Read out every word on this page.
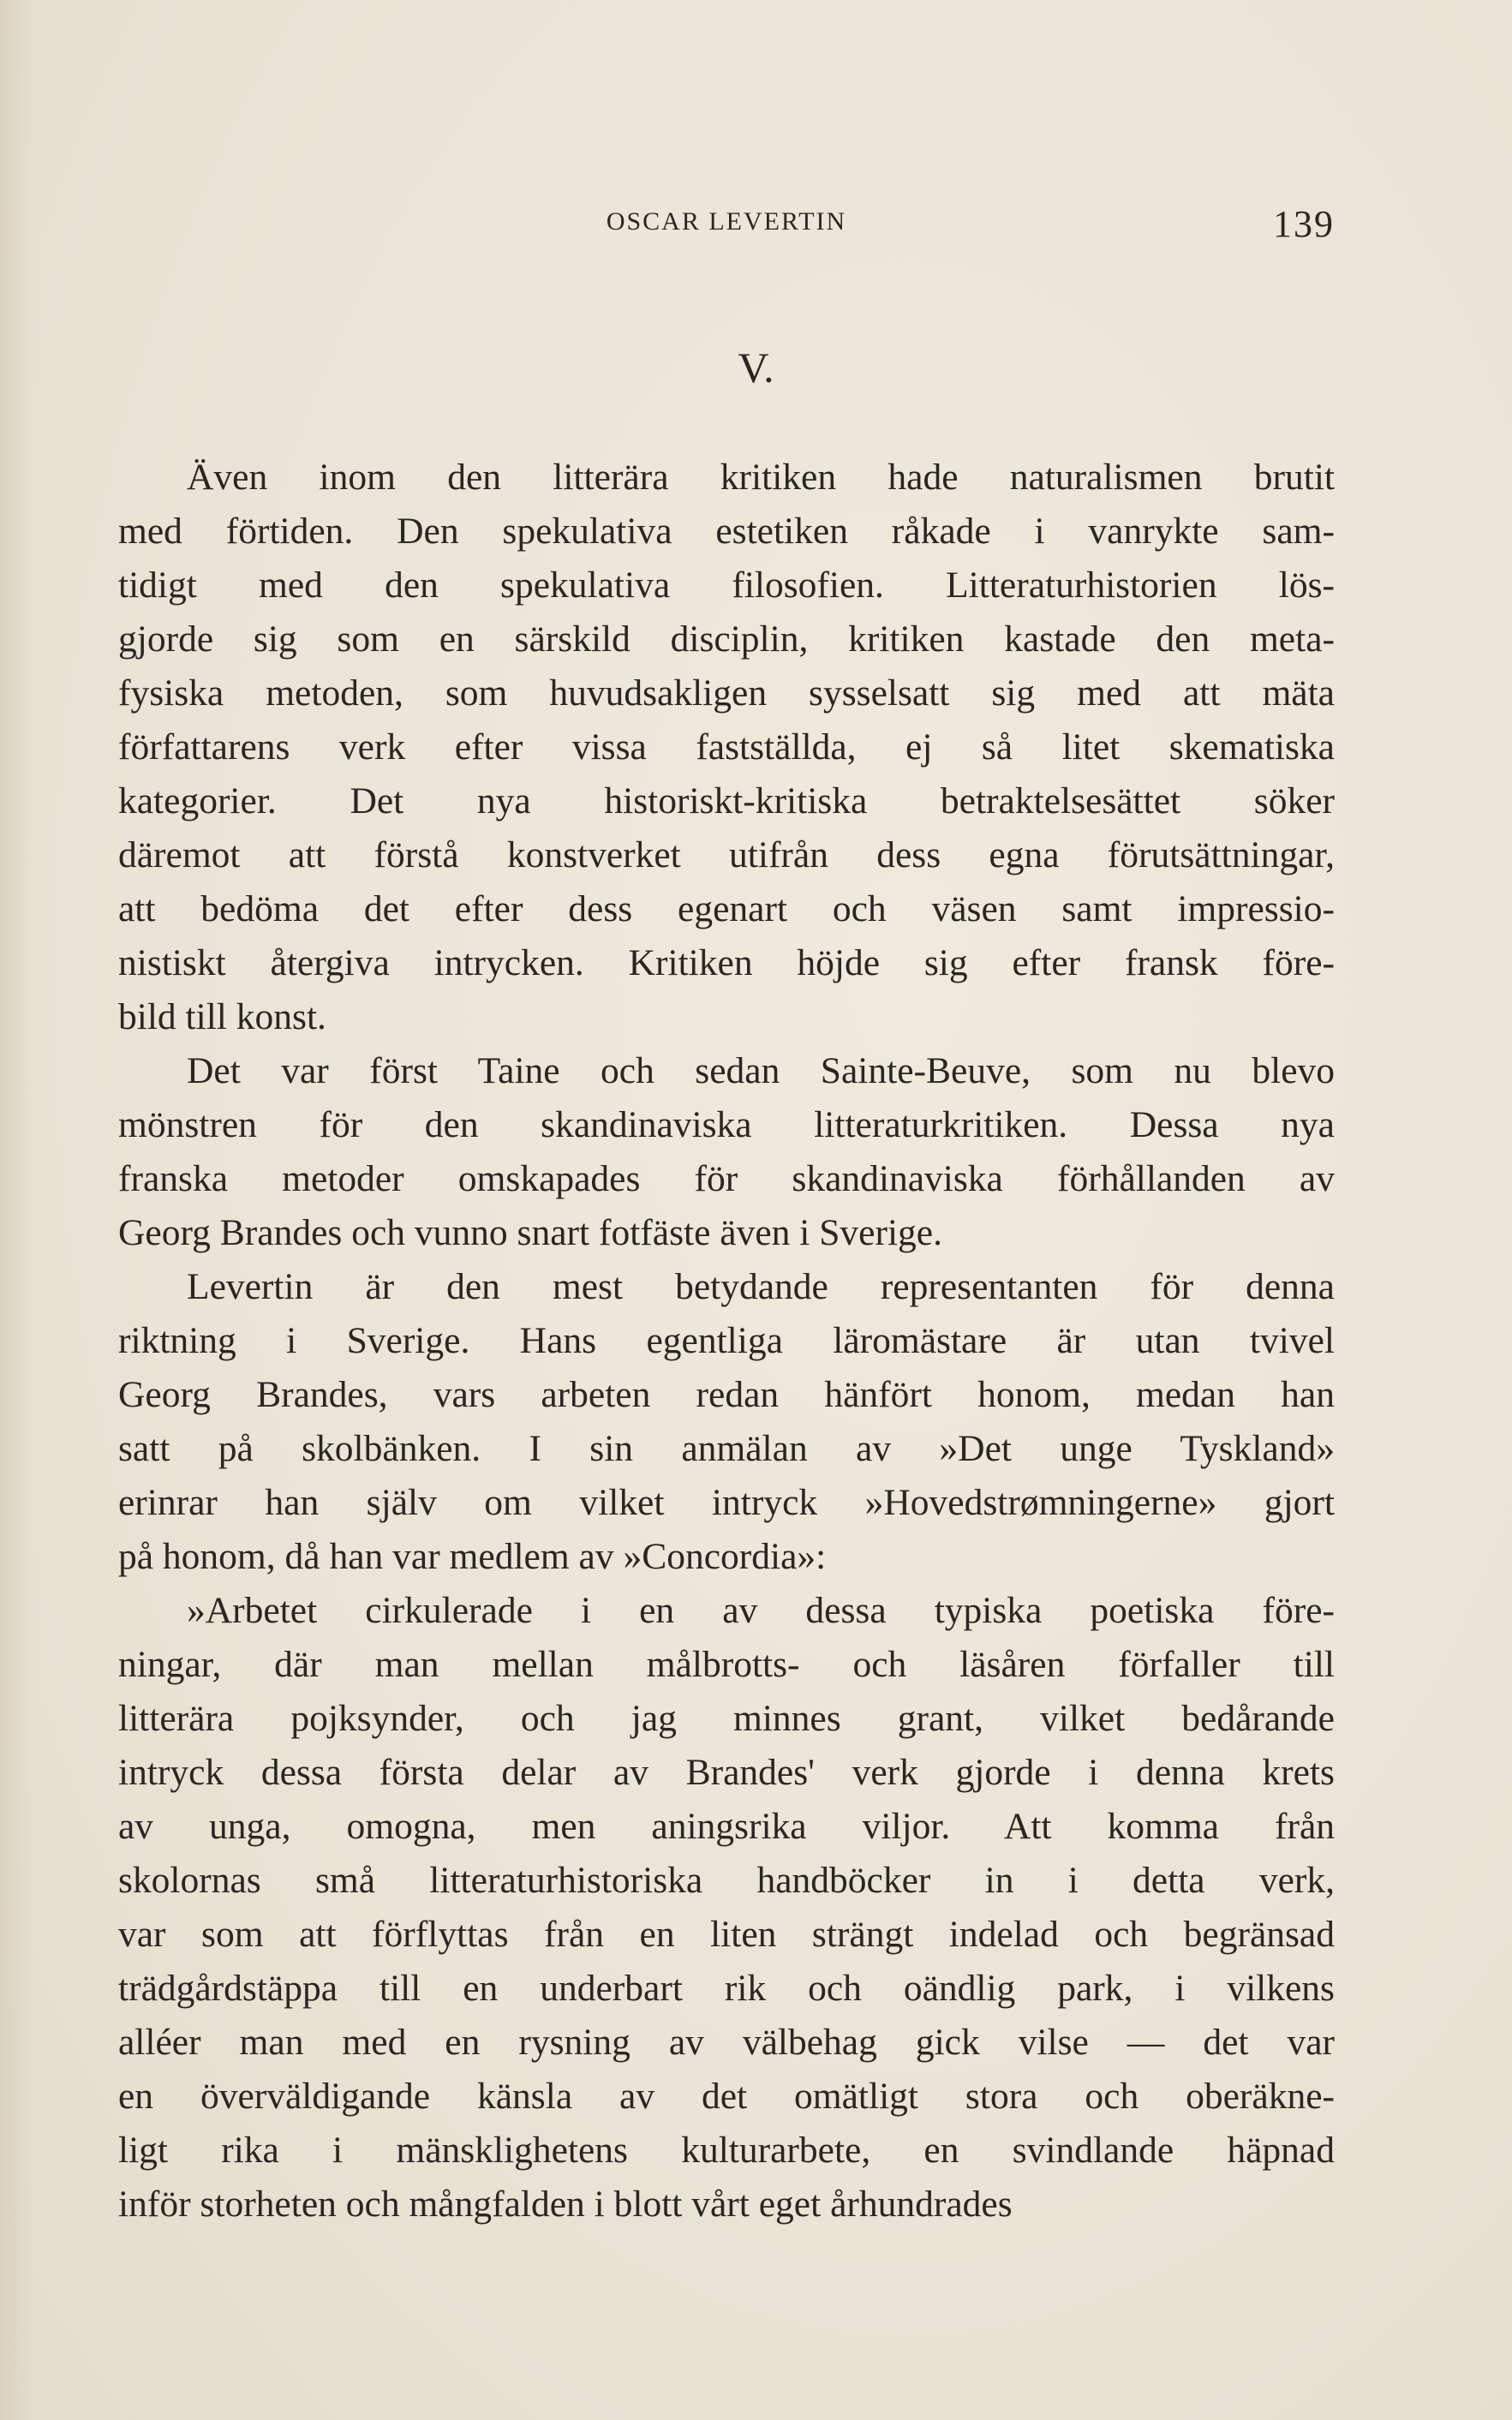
OSCAR LEVERTIN	139
V.
Även inom den litterära kritiken hade naturalismen brutit
med förtiden. Den spekulativa estetiken råkade i vanrykte sam-
tidigt med den spekulativa filosofien. Litteraturhistorien lös-
gjorde sig som en särskild disciplin, kritiken kastade den meta-
fysiska metoden, som huvudsakligen sysselsatt sig med att mäta
författarens verk efter vissa fastställda, ej så litet skematiska
kategorier. Det nya historiskt-kritiska betraktelsesättet söker
däremot att förstå konstverket utifrån dess egna förutsättningar,
att bedöma det efter dess egenart och väsen samt impressio-
nistiskt återgiva intrycken. Kritiken höjde sig efter fransk före-
bild till konst.
Det var först Taine och sedan Sainte-Beuve, som nu blevo
mönstren för den skandinaviska litteraturkritiken. Dessa nya
franska metoder omskapades för skandinaviska förhållanden av
Georg Brandes och vunno snart fotfäste även i Sverige.
Levertin är den mest betydande representanten för denna
riktning i Sverige. Hans egentliga läromästare är utan tvivel
Georg Brandes, vars arbeten redan hänfört honom, medan han
satt på skolbänken. I sin anmälan av »Det unge Tyskland»
erinrar han själv om vilket intryck »Hovedstrømningerne» gjort
på honom, då han var medlem av »Concordia»:
»Arbetet cirkulerade i en av dessa typiska poetiska före-
ningar, där man mellan målbrotts- och läsåren förfaller till
litterära pojksynder, och jag minnes grant, vilket bedårande
intryck dessa första delar av Brandes' verk gjorde i denna krets
av unga, omogna, men aningsrika viljor. Att komma från
skolornas små litteraturhistoriska handböcker in i detta verk,
var som att förflyttas från en liten strängt indelad och begränsad
trädgårdstäppa till en underbart rik och oändlig park, i vilkens
alléer man med en rysning av välbehag gick vilse — det var
en överväldigande känsla av det omätligt stora och oberäkne-
ligt rika i mänsklighetens kulturarbete, en svindlande häpnad
inför storheten och mångfalden i blott vårt eget århundrades
